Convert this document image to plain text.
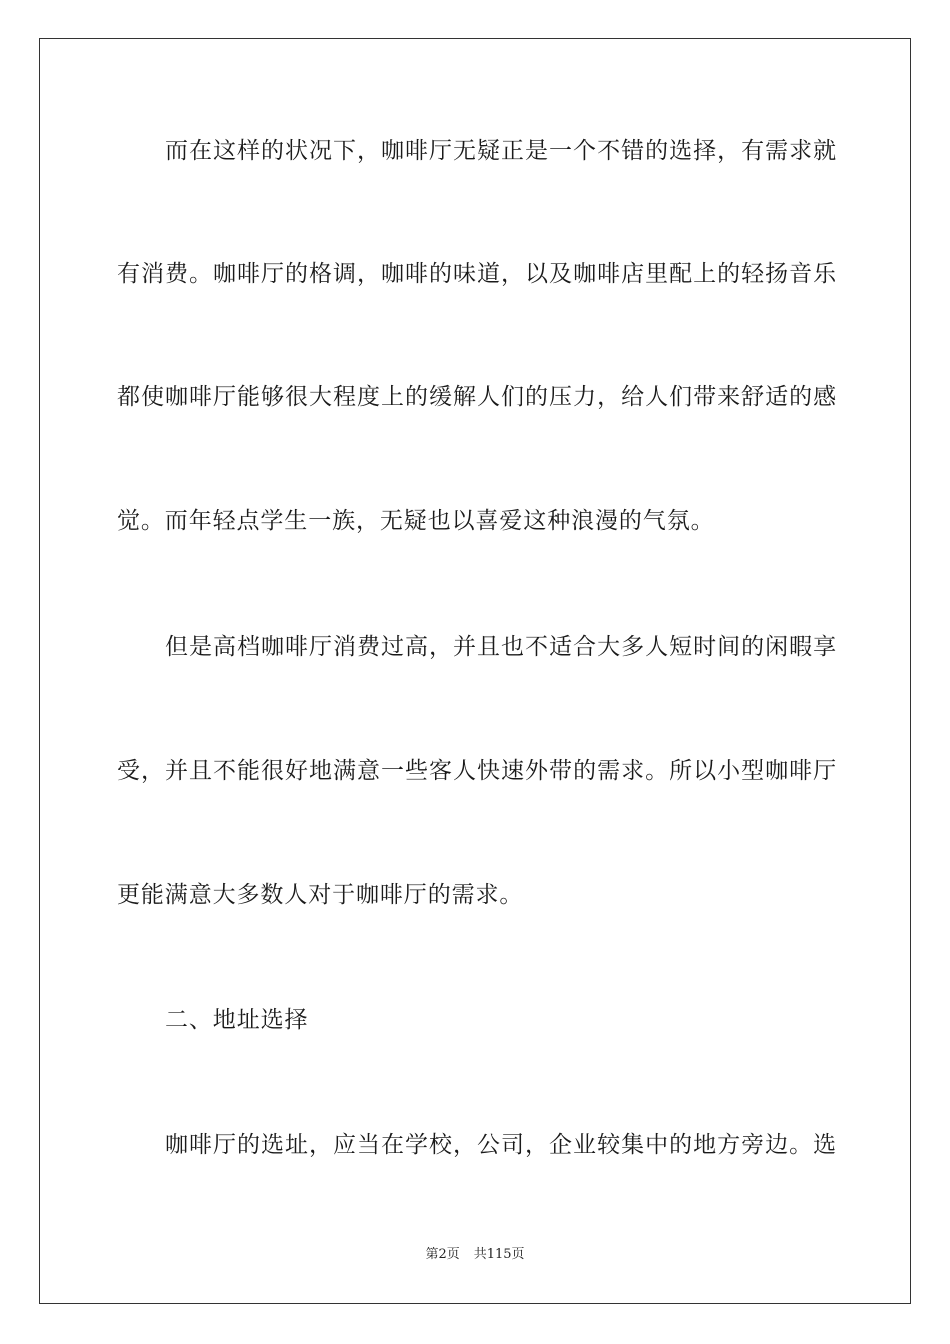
而在这样的状况下，咖啡厅无疑正是一个不错的选择，有需求就
有消费。咖啡厅的格调，咖啡的味道，以及咖啡店里配上的轻扬音乐
都使咖啡厅能够很大程度上的缓解人们的压力，给人们带来舒适的感
觉。而年轻点学生一族，无疑也以喜爱这种浪漫的气氛。
但是高档咖啡厅消费过高，并且也不适合大多人短时间的闲暇享
受，并且不能很好地满意一些客人快速外带的需求。所以小型咖啡厅
更能满意大多数人对于咖啡厅的需求。
二、地址选择
咖啡厅的选址，应当在学校，公司，企业较集中的地方旁边。选
第2页 共115页
